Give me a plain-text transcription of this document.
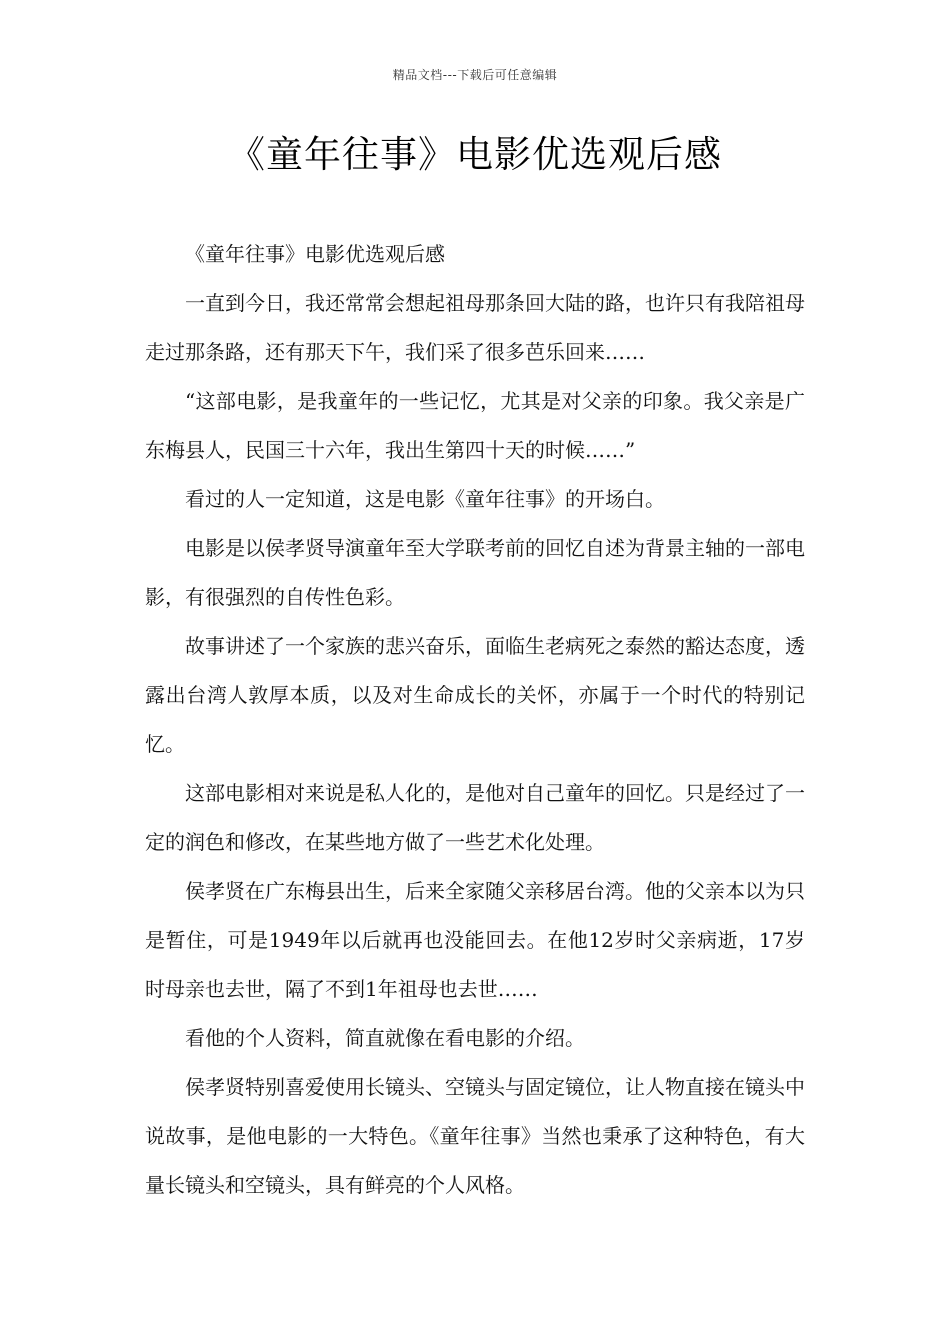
精品文档---下载后可任意编辑
《童年往事》电影优选观后感

《童年往事》电影优选观后感

一直到今日，我还常常会想起祖母那条回大陆的路，也许只有我陪祖母走过那条路，还有那天下午，我们采了很多芭乐回来……

“这部电影，是我童年的一些记忆，尤其是对父亲的印象。我父亲是广东梅县人，民国三十六年，我出生第四十天的时候……”

看过的人一定知道，这是电影《童年往事》的开场白。

电影是以侯孝贤导演童年至大学联考前的回忆自述为背景主轴的一部电影，有很强烈的自传性色彩。

故事讲述了一个家族的悲兴奋乐，面临生老病死之泰然的豁达态度，透露出台湾人敦厚本质，以及对生命成长的关怀，亦属于一个时代的特别记忆。

这部电影相对来说是私人化的，是他对自己童年的回忆。只是经过了一定的润色和修改，在某些地方做了一些艺术化处理。

侯孝贤在广东梅县出生，后来全家随父亲移居台湾。他的父亲本以为只是暂住，可是1949年以后就再也没能回去。在他12岁时父亲病逝，17岁时母亲也去世，隔了不到1年祖母也去世……

看他的个人资料，简直就像在看电影的介绍。

侯孝贤特别喜爱使用长镜头、空镜头与固定镜位，让人物直接在镜头中说故事，是他电影的一大特色。《童年往事》当然也秉承了这种特色，有大量长镜头和空镜头，具有鲜亮的个人风格。
